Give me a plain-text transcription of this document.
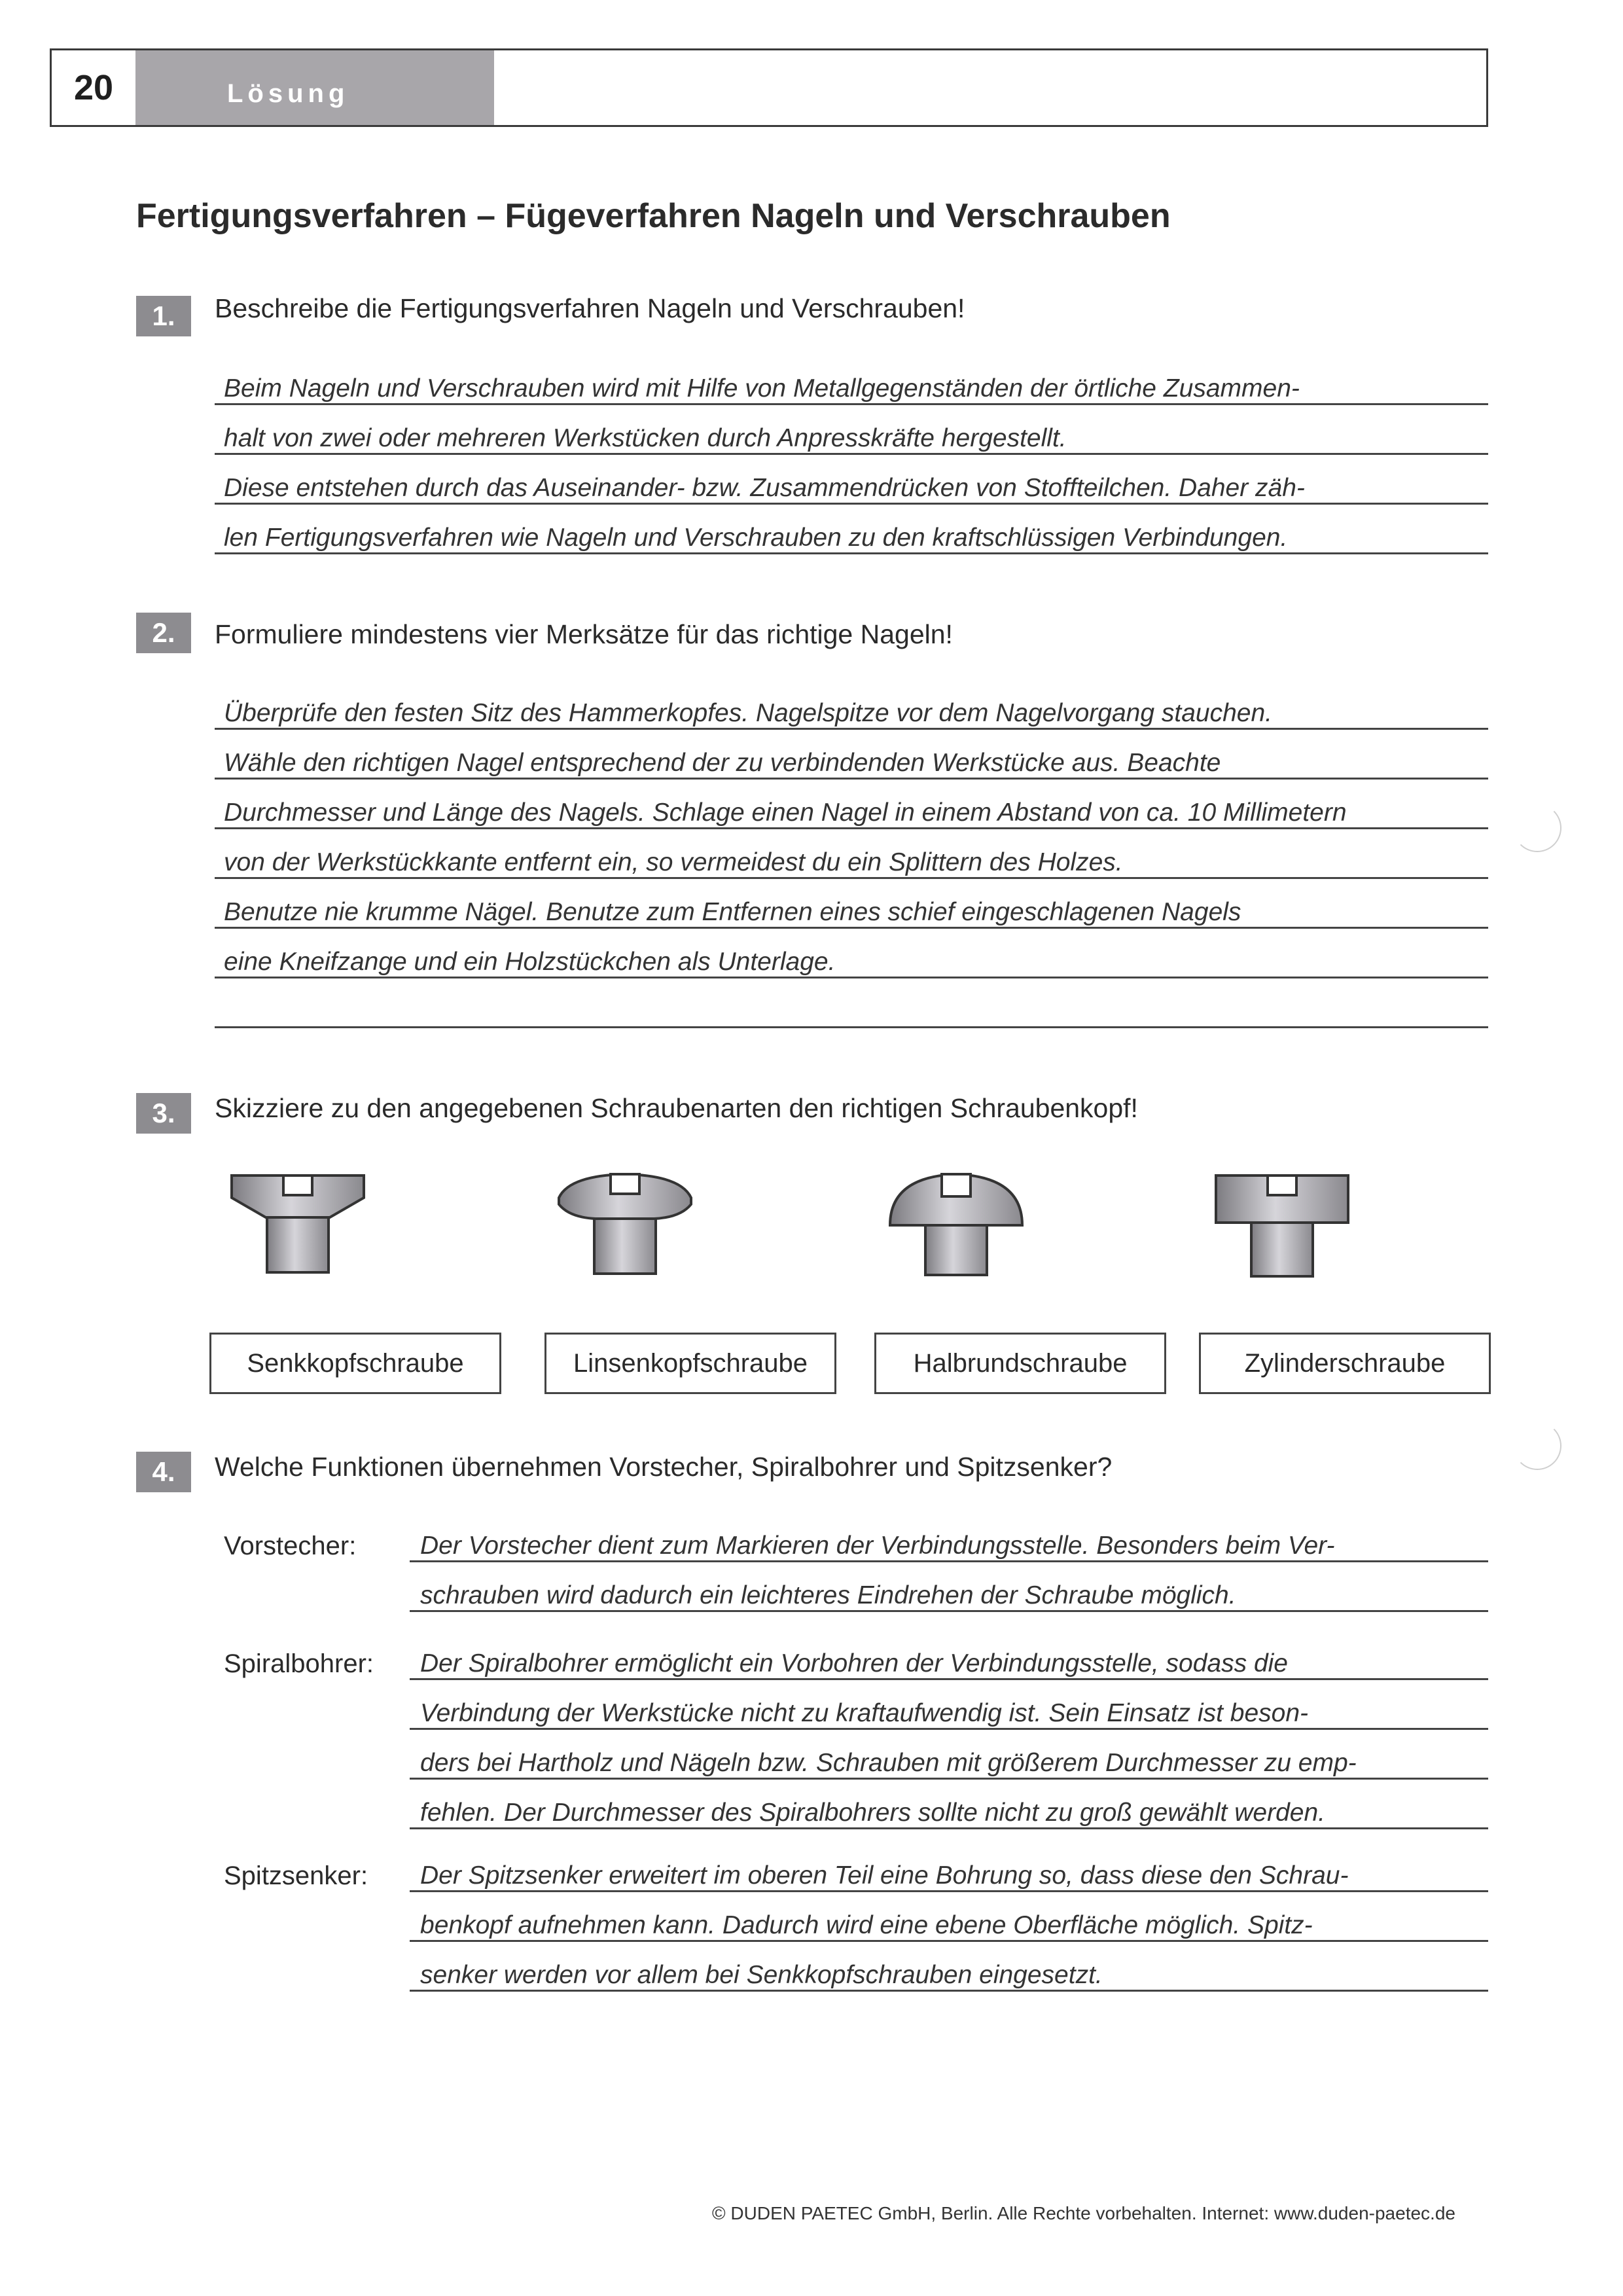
20	Lösung
Fertigungsverfahren – Fügeverfahren Nageln und Verschrauben
1.	Beschreibe die Fertigungsverfahren Nageln und Verschrauben!
Beim Nageln und Verschrauben wird mit Hilfe von Metallgegenständen der örtliche Zusammen-
halt von zwei oder mehreren Werkstücken durch Anpresskräfte hergestellt.
Diese entstehen durch das Auseinander- bzw. Zusammendrücken von Stoffteilchen. Daher zäh-
len Fertigungsverfahren wie Nageln und Verschrauben zu den kraftschlüssigen Verbindungen.
2.	Formuliere mindestens vier Merksätze für das richtige Nageln!
Überprüfe den festen Sitz des Hammerkopfes. Nagelspitze vor dem Nagelvorgang stauchen.
Wähle den richtigen Nagel entsprechend der zu verbindenden Werkstücke aus. Beachte
Durchmesser und Länge des Nagels. Schlage einen Nagel in einem Abstand von ca. 10 Millimetern
von der Werkstückkante entfernt ein, so vermeidest du ein Splittern des Holzes.
Benutze nie krumme Nägel. Benutze zum Entfernen eines schief eingeschlagenen Nagels
eine Kneifzange und ein Holzstückchen als Unterlage.
3.	Skizziere zu den angegebenen Schraubenarten den richtigen Schraubenkopf!
Senkkopfschraube	Linsenkopfschraube	Halbrundschraube	Zylinderschraube
4.	Welche Funktionen übernehmen Vorstecher, Spiralbohrer und Spitzsenker?
Vorstecher:	Der Vorstecher dient zum Markieren der Verbindungsstelle. Besonders beim Ver-
schrauben wird dadurch ein leichteres Eindrehen der Schraube möglich.
Spiralbohrer: Der Spiralbohrer ermöglicht ein Vorbohren der Verbindungsstelle, sodass die
Verbindung der Werkstücke nicht zu kraftaufwendig ist. Sein Einsatz ist beson-
ders bei Hartholz und Nägeln bzw. Schrauben mit größerem Durchmesser zu emp-
fehlen. Der Durchmesser des Spiralbohrers sollte nicht zu groß gewählt werden.
Spitzsenker: Der Spitzsenker erweitert im oberen Teil eine Bohrung so, dass diese den Schrau-
benkopf aufnehmen kann. Dadurch wird eine ebene Oberfläche möglich. Spitz-
senker werden vor allem bei Senkkopfschrauben eingesetzt.
© DUDEN PAETEC GmbH, Berlin. Alle Rechte vorbehalten. Internet: www.duden-paetec.de
